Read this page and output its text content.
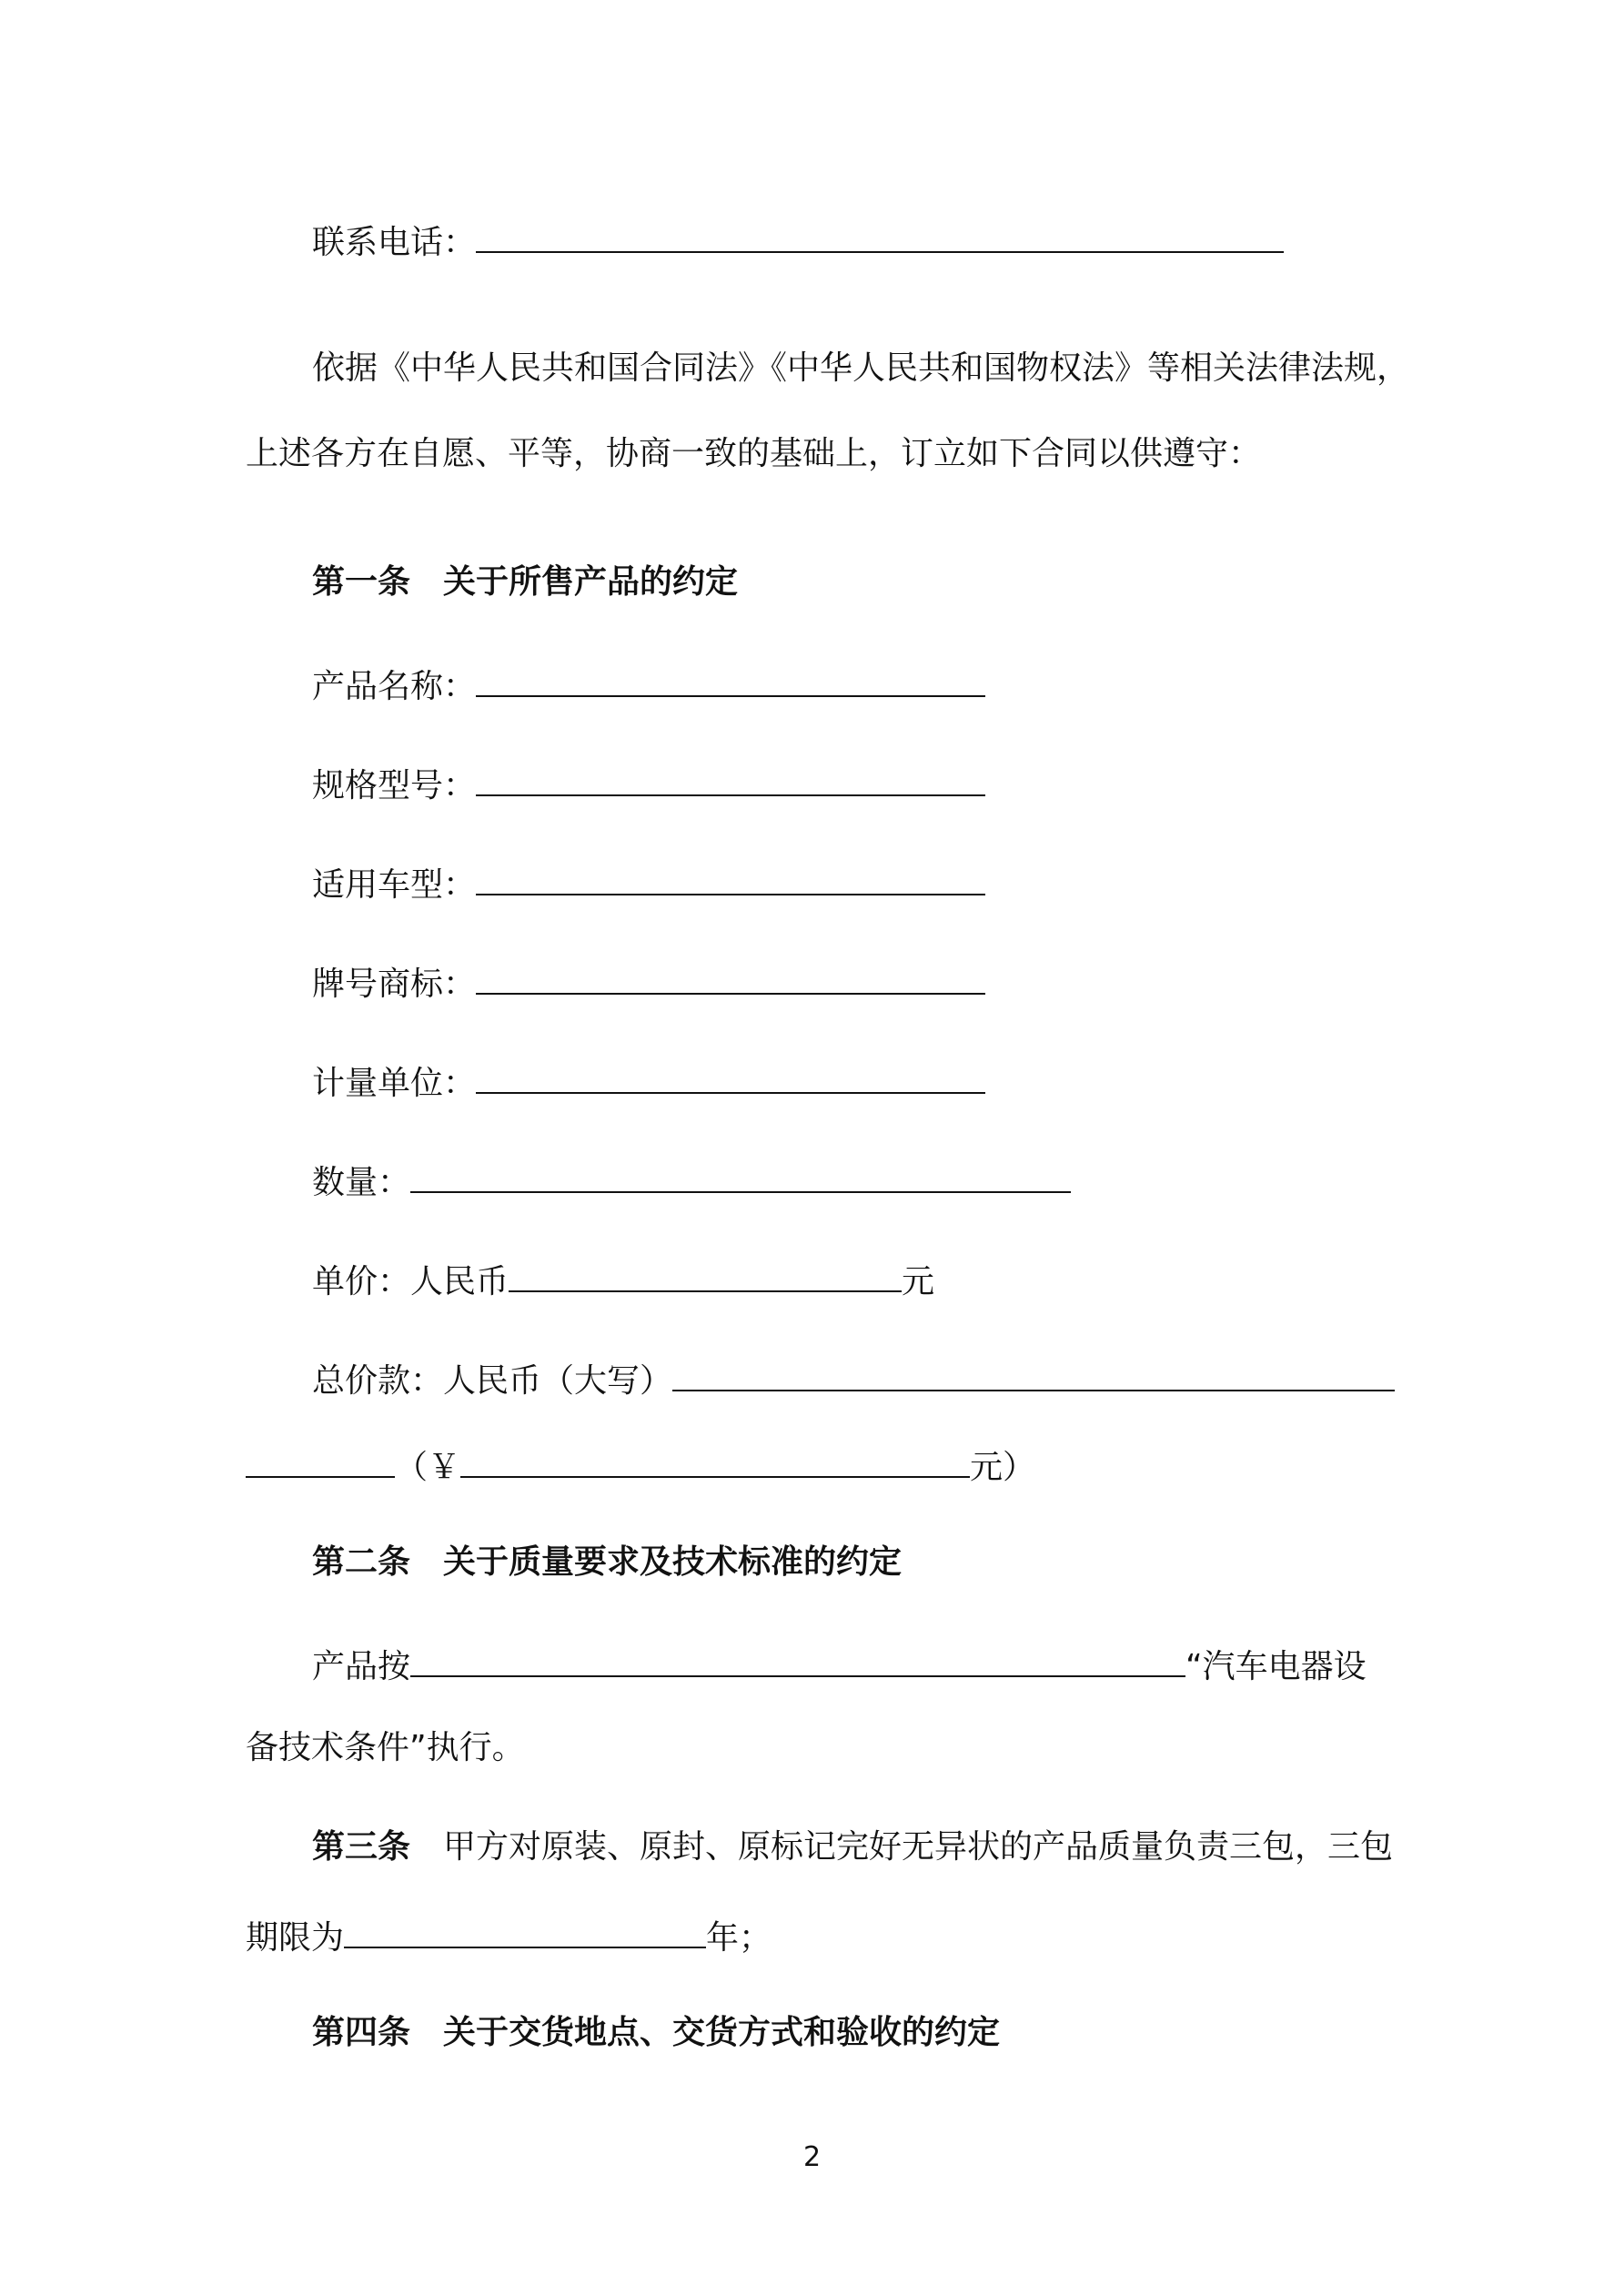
联系电话：
依据《中华人民共和国合同法》《中华人民共和国物权法》等相关法律法规，
上述各方在自愿、平等，协商一致的基础上，订立如下合同以供遵守：
第一条 关于所售产品的约定
产品名称：
规格型号：
适用车型：
牌号商标：
计量单位：
数量：
单价：人民币	元
总价款：人民币（大写）
（￥	元）
第二条 关于质量要求及技术标准的约定
产品按	“汽车电器设
备技术条件”执行。
第三条 甲方对原装、原封、原标记完好无异状的产品质量负责三包，三包
期限为	年；
第四条 关于交货地点、交货方式和验收的约定
2
